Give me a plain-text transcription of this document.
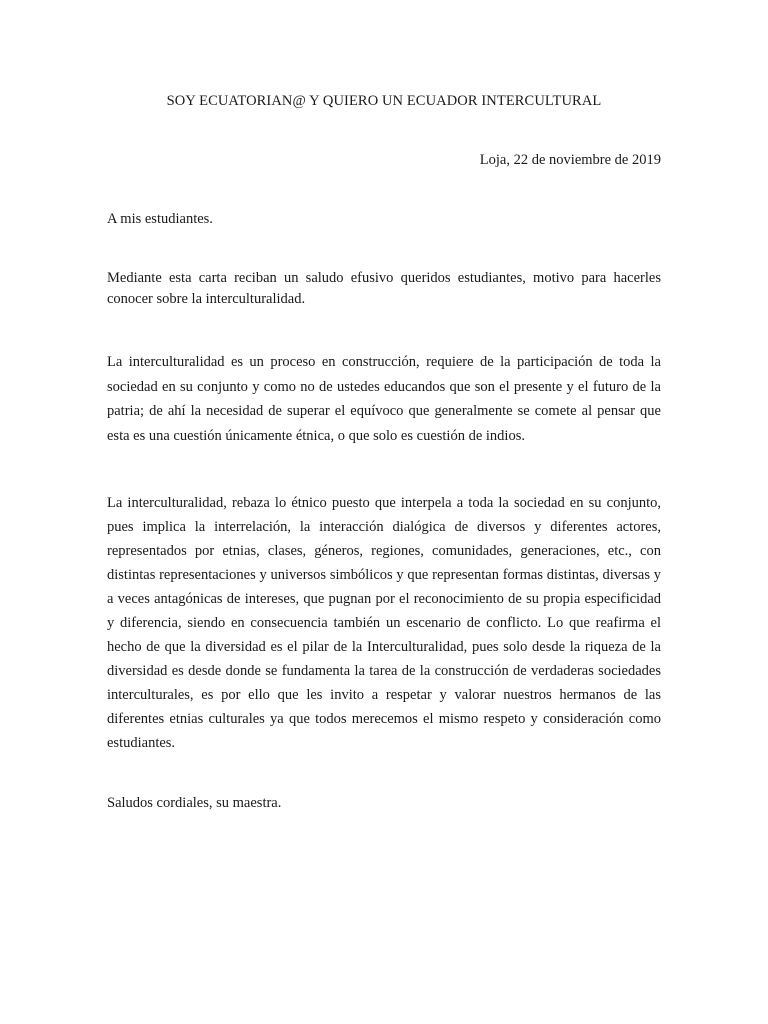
SOY ECUATORIAN@ Y QUIERO UN ECUADOR INTERCULTURAL
Loja, 22 de noviembre de 2019

A mis estudiantes.

Mediante esta carta reciban un saludo efusivo queridos estudiantes, motivo para hacerles conocer sobre la interculturalidad.

La interculturalidad es un proceso en construcción, requiere de la participación de toda la sociedad en su conjunto y como no de ustedes educandos que son el presente y el futuro de la patria; de ahí la necesidad de superar el equívoco que generalmente se comete al pensar que esta es una cuestión únicamente étnica, o que solo es cuestión de indios.

La interculturalidad, rebaza lo étnico puesto que interpela a toda la sociedad en su conjunto, pues implica la interrelación, la interacción dialógica de diversos y diferentes actores, representados por etnias, clases, géneros, regiones, comunidades, generaciones, etc., con distintas representaciones y universos simbólicos y que representan formas distintas, diversas y a veces antagónicas de intereses, que pugnan por el reconocimiento de su propia especificidad y diferencia, siendo en consecuencia también un escenario de conflicto. Lo que reafirma el hecho de que la diversidad es el pilar de la Interculturalidad, pues solo desde la riqueza de la diversidad es desde donde se fundamenta la tarea de la construcción de verdaderas sociedades interculturales, es por ello que les invito a respetar y valorar nuestros hermanos de las diferentes etnias culturales ya que todos merecemos el mismo respeto y consideración como estudiantes.

Saludos cordiales, su maestra.
